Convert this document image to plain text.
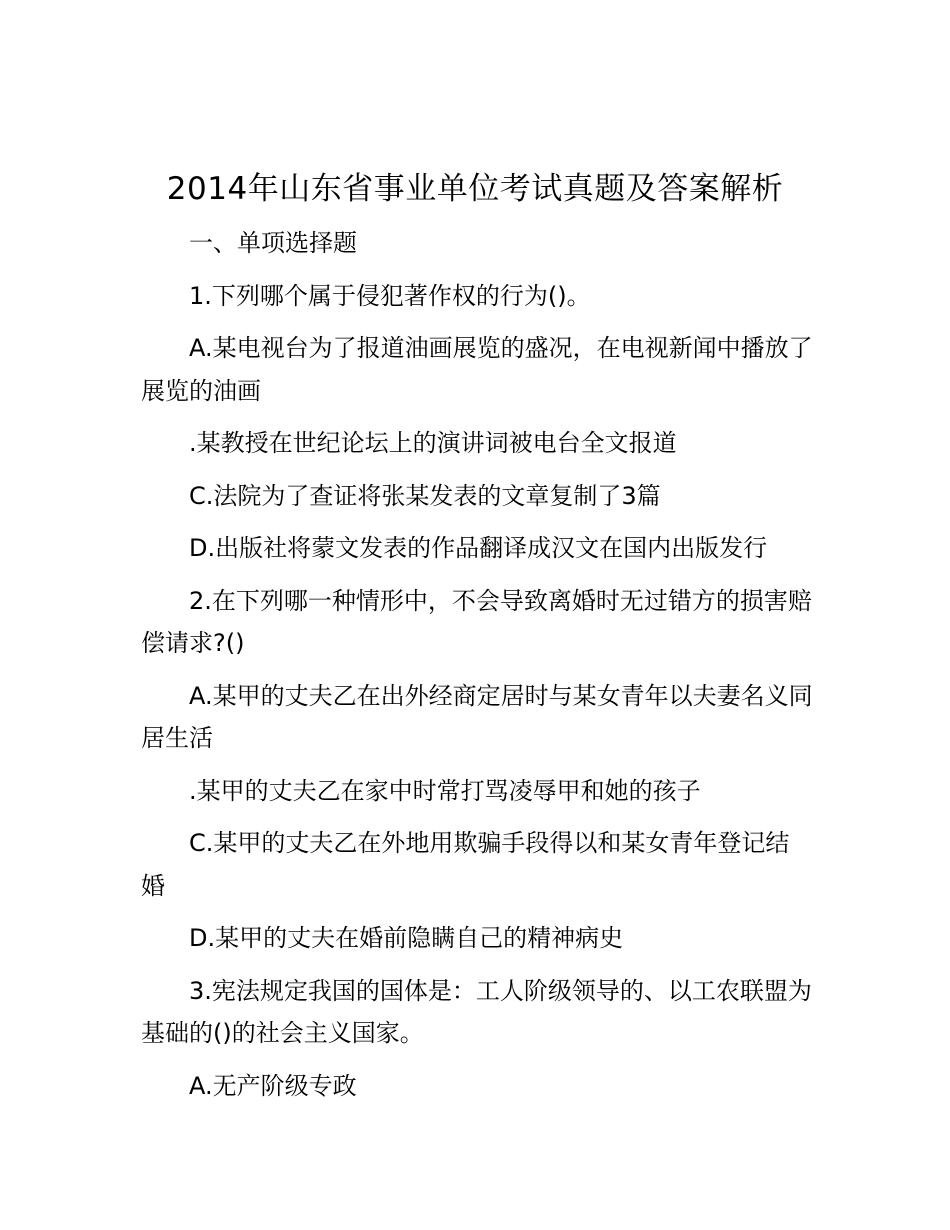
2014年山东省事业单位考试真题及答案解析

一、单项选择题

1.下列哪个属于侵犯著作权的行为()。

A.某电视台为了报道油画展览的盛况，在电视新闻中播放了展览的油画

.某教授在世纪论坛上的演讲词被电台全文报道

C.法院为了查证将张某发表的文章复制了3篇

D.出版社将蒙文发表的作品翻译成汉文在国内出版发行

2.在下列哪一种情形中，不会导致离婚时无过错方的损害赔偿请求?()

A.某甲的丈夫乙在出外经商定居时与某女青年以夫妻名义同居生活

.某甲的丈夫乙在家中时常打骂凌辱甲和她的孩子

C.某甲的丈夫乙在外地用欺骗手段得以和某女青年登记结婚

D.某甲的丈夫在婚前隐瞒自己的精神病史

3.宪法规定我国的国体是：工人阶级领导的、以工农联盟为基础的()的社会主义国家。

A.无产阶级专政
